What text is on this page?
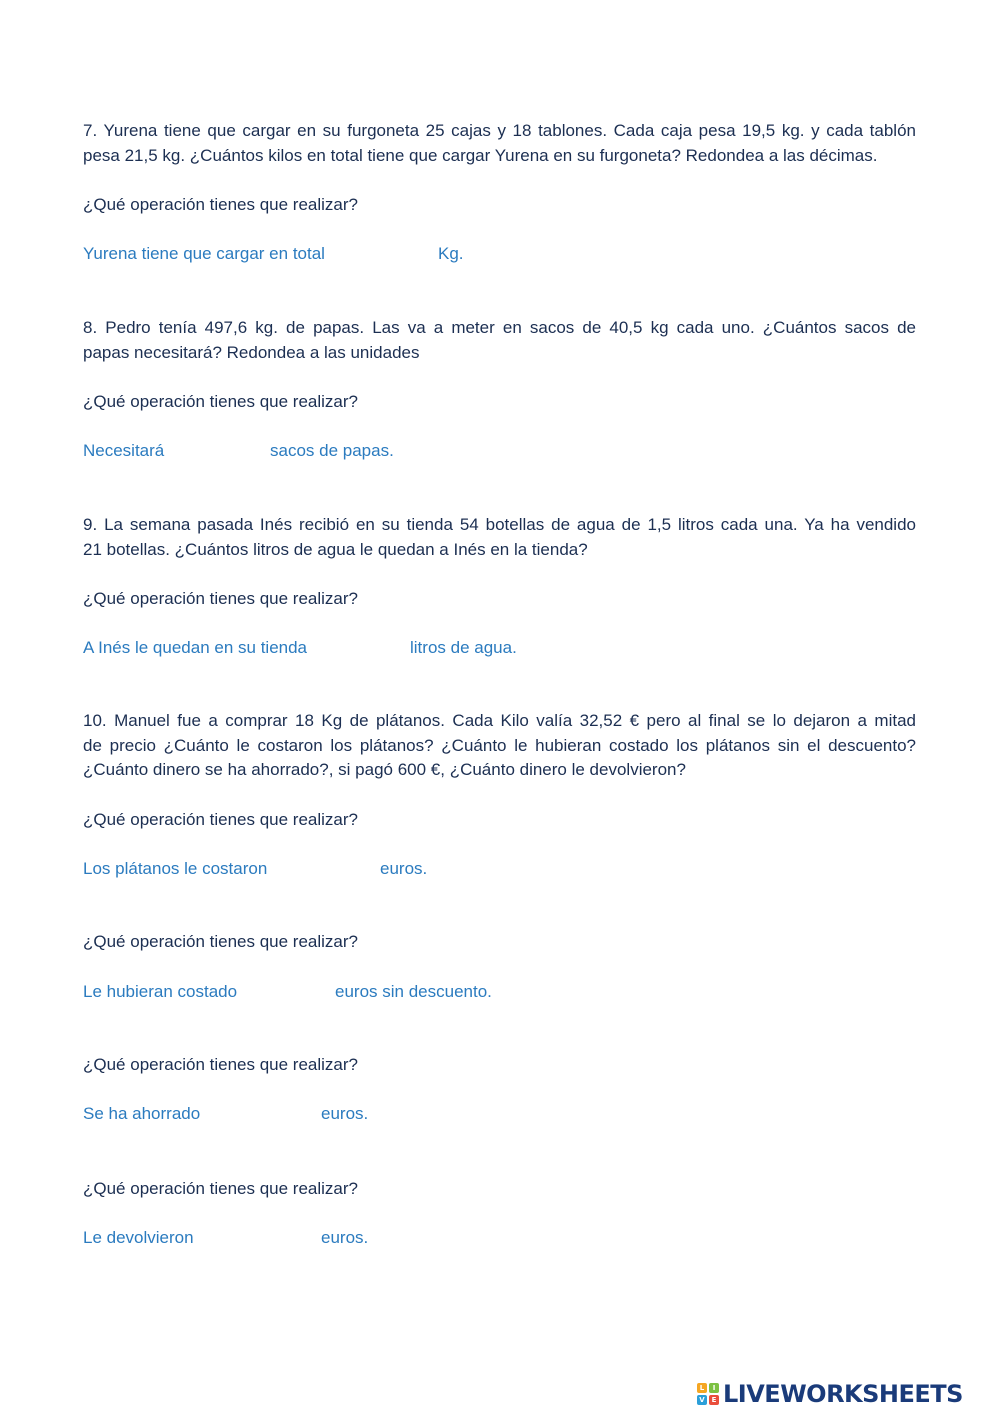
7. Yurena tiene que cargar en su furgoneta 25 cajas y 18 tablones. Cada caja pesa 19,5 kg. y cada tablón
pesa 21,5 kg. ¿Cuántos kilos en total tiene que cargar Yurena en su furgoneta? Redondea a las décimas.
¿Qué operación tienes que realizar?
Yurena tiene que cargar en total	Kg.
8. Pedro tenía 497,6 kg. de papas. Las va a meter en sacos de 40,5 kg cada uno. ¿Cuántos sacos de
papas necesitará? Redondea a las unidades
¿Qué operación tienes que realizar?
Necesitará	sacos de papas.
9. La semana pasada Inés recibió en su tienda 54 botellas de agua de 1,5 litros cada una. Ya ha vendido
21 botellas. ¿Cuántos litros de agua le quedan a Inés en la tienda?
¿Qué operación tienes que realizar?
A Inés le quedan en su tienda	litros de agua.
10. Manuel fue a comprar 18 Kg de plátanos. Cada Kilo valía 32,52 € pero al final se lo dejaron a mitad
de precio ¿Cuánto le costaron los plátanos? ¿Cuánto le hubieran costado los plátanos sin el descuento?
¿Cuánto dinero se ha ahorrado?, si pagó 600 €, ¿Cuánto dinero le devolvieron?
¿Qué operación tienes que realizar?
Los plátanos le costaron	euros.
¿Qué operación tienes que realizar?
Le hubieran costado	euros sin descuento.
¿Qué operación tienes que realizar?
Se ha ahorrado	euros.
¿Qué operación tienes que realizar?
Le devolvieron	euros.
L	I
V E LIVEWORKSHEETS
